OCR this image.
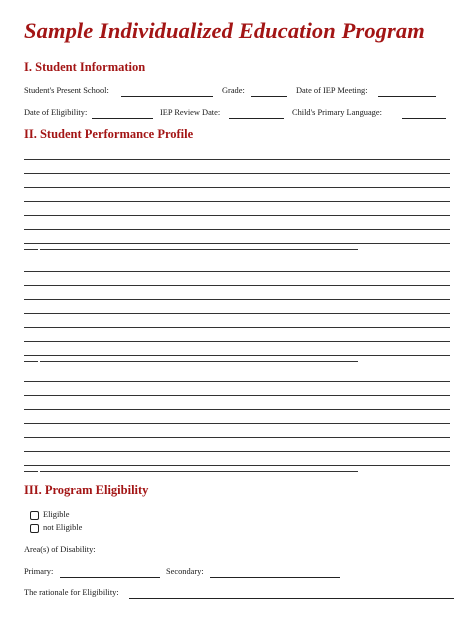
Sample Individualized Education Program
I. Student Information
Student's Present School:	Grade:	Date of IEP Meeting:
Date of Eligibility:	IEP Review Date:	Child's Primary Language:
II. Student Performance Profile
III. Program Eligibility
Eligible
not Eligible
Area(s) of Disability:
Primary:	Secondary:
The rationale for Eligibility:
